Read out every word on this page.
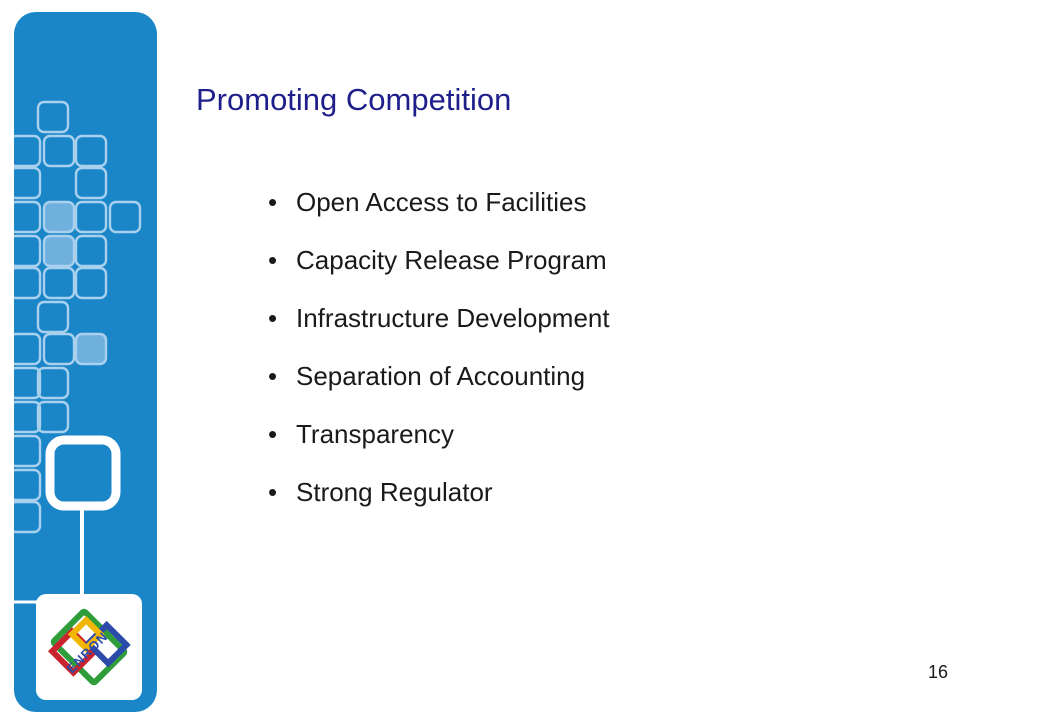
ENRON
Promoting Competition
• Open Access to Facilities
• Capacity Release Program
• Infrastructure Development
• Separation of Accounting
• Transparency
• Strong Regulator
16
